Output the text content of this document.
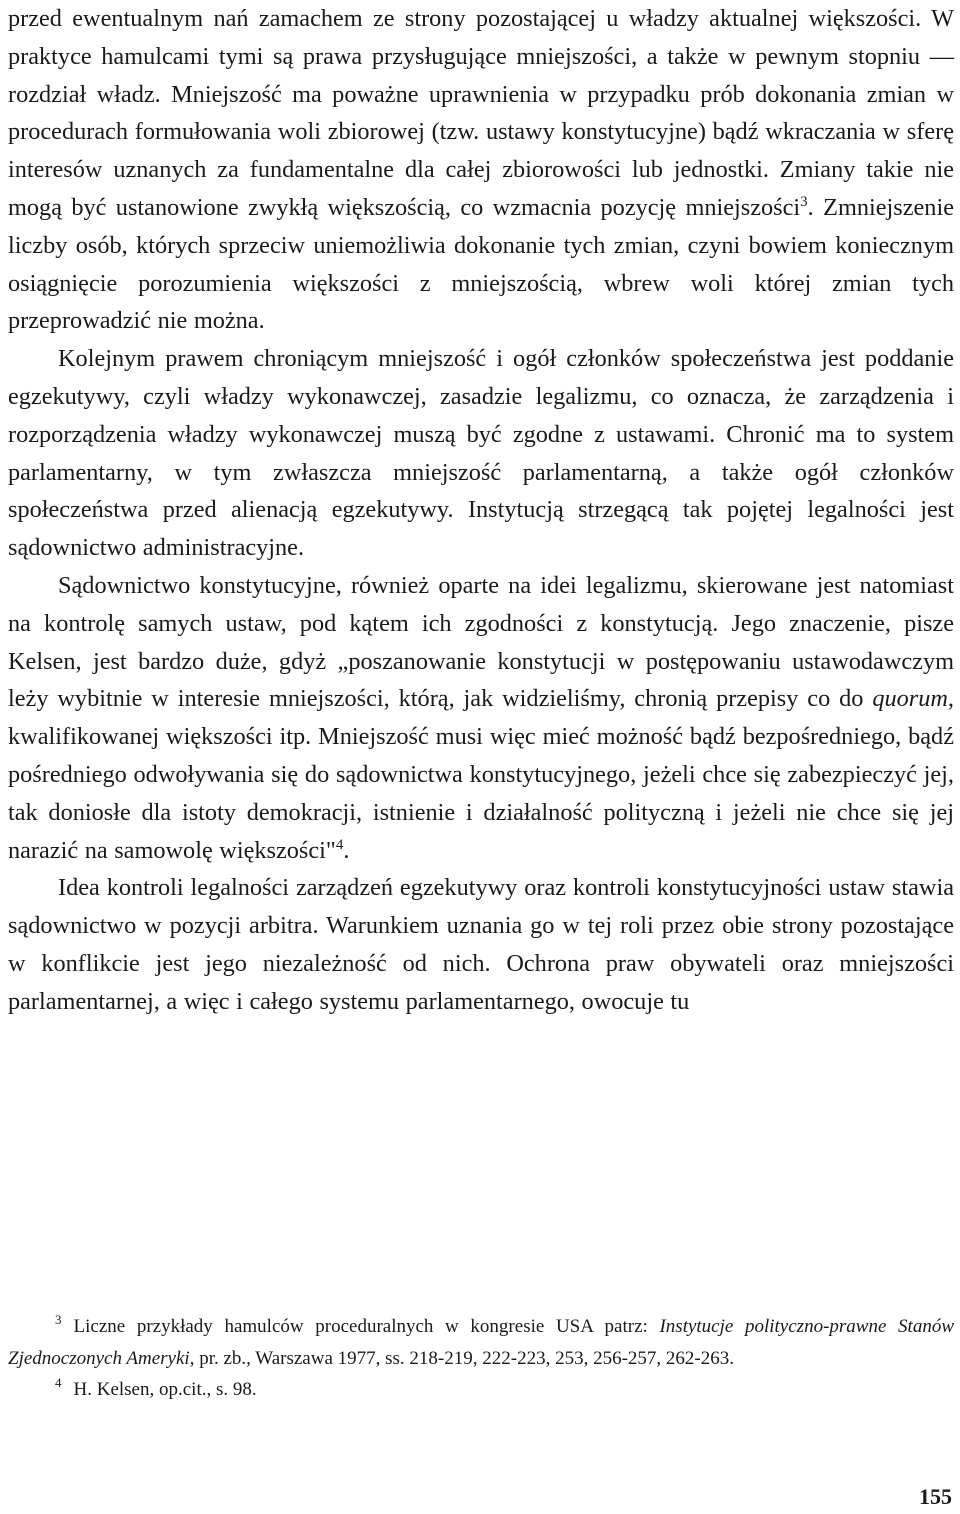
przed ewentualnym nań zamachem ze strony pozostającej u władzy aktualnej większości. W praktyce hamulcami tymi są prawa przysługujące mniejszości, a także w pewnym stopniu — rozdział władz. Mniejszość ma poważne uprawnienia w przypadku prób dokonania zmian w procedurach formułowania woli zbiorowej (tzw. ustawy konstytucyjne) bądź wkraczania w sferę interesów uznanych za fundamentalne dla całej zbiorowości lub jednostki. Zmiany takie nie mogą być ustanowione zwykłą większością, co wzmacnia pozycję mniejszości$^3$. Zmniejszenie liczby osób, których sprzeciw uniemożliwia dokonanie tych zmian, czyni bowiem koniecznym osiągnięcie porozumienia większości z mniejszością, wbrew woli której zmian tych przeprowadzić nie można.

Kolejnym prawem chroniącym mniejszość i ogół członków społeczeństwa jest poddanie egzekutywy, czyli władzy wykonawczej, zasadzie legalizmu, co oznacza, że zarządzenia i rozporządzenia władzy wykonawczej muszą być zgodne z ustawami. Chronić ma to system parlamentarny, w tym zwłaszcza mniejszość parlamentarną, a także ogół członków społeczeństwa przed alienacją egzekutywy. Instytucją strzegącą tak pojętej legalności jest sądownictwo administracyjne.

Sądownictwo konstytucyjne, również oparte na idei legalizmu, skierowane jest natomiast na kontrolę samych ustaw, pod kątem ich zgodności z konstytucją. Jego znaczenie, pisze Kelsen, jest bardzo duże, gdyż „poszanowanie konstytucji w postępowaniu ustawodawczym leży wybitnie w interesie mniejszości, którą, jak widzieliśmy, chronią przepisy co do quorum, kwalifikowanej większości itp. Mniejszość musi więc mieć możność bądź bezpośredniego, bądź pośredniego odwoływania się do sądownictwa konstytucyjnego, jeżeli chce się zabezpieczyć jej, tak doniosłe dla istoty demokracji, istnienie i działalność polityczną i jeżeli nie chce się jej narazić na samowolę większości"$^4$.

Idea kontroli legalności zarządzeń egzekutywy oraz kontroli konstytucyjności ustaw stawia sądownictwo w pozycji arbitra. Warunkiem uznania go w tej roli przez obie strony pozostające w konflikcie jest jego niezależność od nich. Ochrona praw obywateli oraz mniejszości parlamentarnej, a więc i całego systemu parlamentarnego, owocuje tu

$^3$ Liczne przykłady hamulców proceduralnych w kongresie USA patrz: Instytucje polityczno-prawne Stanów Zjednoczonych Ameryki, pr. zb., Warszawa 1977, ss. 218-219, 222-223, 253, 256-257, 262-263.

$^4$ H. Kelsen, op.cit., s. 98.

155
